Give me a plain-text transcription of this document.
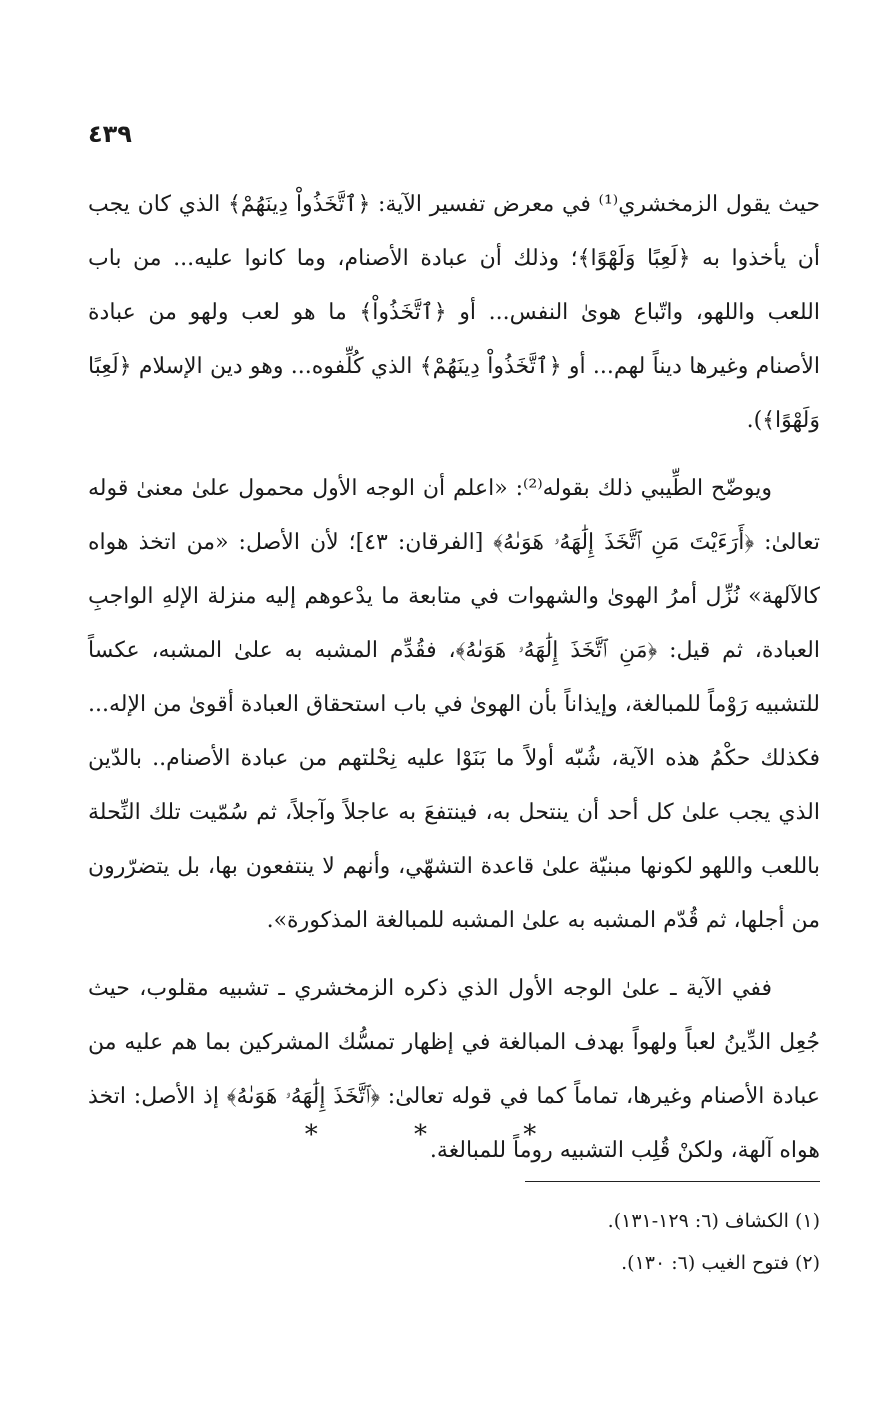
٤٣٩

حيث يقول الزمخشري⁽¹⁾ في معرض تفسير الآية: ﴿ٱتَّخَذُواْ دِينَهُمْ﴾ الذي كان يجب أن يأخذوا به ﴿لَعِبًا وَلَهْوًا﴾؛ وذلك أن عبادة الأصنام، وما كانوا عليه... من باب اللعب واللهو، واتّباع هوىٰ النفس... أو ﴿ٱتَّخَذُواْ﴾ ما هو لعب ولهو من عبادة الأصنام وغيرها ديناً لهم... أو ﴿ٱتَّخَذُواْ دِينَهُمْ﴾ الذي كُلِّفوه... وهو دين الإسلام ﴿لَعِبًا وَلَهْوًا﴾).

ويوضّح الطِّيبي ذلك بقوله⁽²⁾: «اعلم أن الوجه الأول محمول علىٰ معنىٰ قوله تعالىٰ: ﴿أَرَءَيْتَ مَنِ ٱتَّخَذَ إِلَٰهَهُۥ هَوَىٰهُ﴾ [الفرقان: ٤٣]؛ لأن الأصل: «من اتخذ هواه كالآلهة» نُزِّل أمرُ الهوىٰ والشهوات في متابعة ما يدْعوهم إليه منزلة الإلهِ الواجبِ العبادة، ثم قيل: ﴿مَنِ ٱتَّخَذَ إِلَٰهَهُۥ هَوَىٰهُ﴾، فقُدِّم المشبه به علىٰ المشبه، عكساً للتشبيه رَوْماً للمبالغة، وإيذاناً بأن الهوىٰ في باب استحقاق العبادة أقوىٰ من الإله... فكذلك حكْمُ هذه الآية، شُبّه أولاً ما بَنَوْا عليه نِحْلتهم من عبادة الأصنام.. بالدّين الذي يجب علىٰ كل أحد أن ينتحل به، فينتفعَ به عاجلاً وآجلاً، ثم سُمّيت تلك النِّحلة باللعب واللهو لكونها مبنيّة علىٰ قاعدة التشهّي، وأنهم لا ينتفعون بها، بل يتضرّرون من أجلها، ثم قُدّم المشبه به علىٰ المشبه للمبالغة المذكورة».

ففي الآية ـ علىٰ الوجه الأول الذي ذكره الزمخشري ـ تشبيه مقلوب، حيث جُعِل الدِّينُ لعباً ولهواً بهدف المبالغة في إظهار تمسُّك المشركين بما هم عليه من عبادة الأصنام وغيرها، تماماً كما في قوله تعالىٰ: ﴿ٱتَّخَذَ إِلَٰهَهُۥ هَوَىٰهُ﴾ إذ الأصل: اتخذ هواه آلهة، ولكنْ قُلِب التشبيه روماً للمبالغة.

* * *

(١) الكشاف (٦: ١٢٩-١٣١).

(٢) فتوح الغيب (٦: ١٣٠).
